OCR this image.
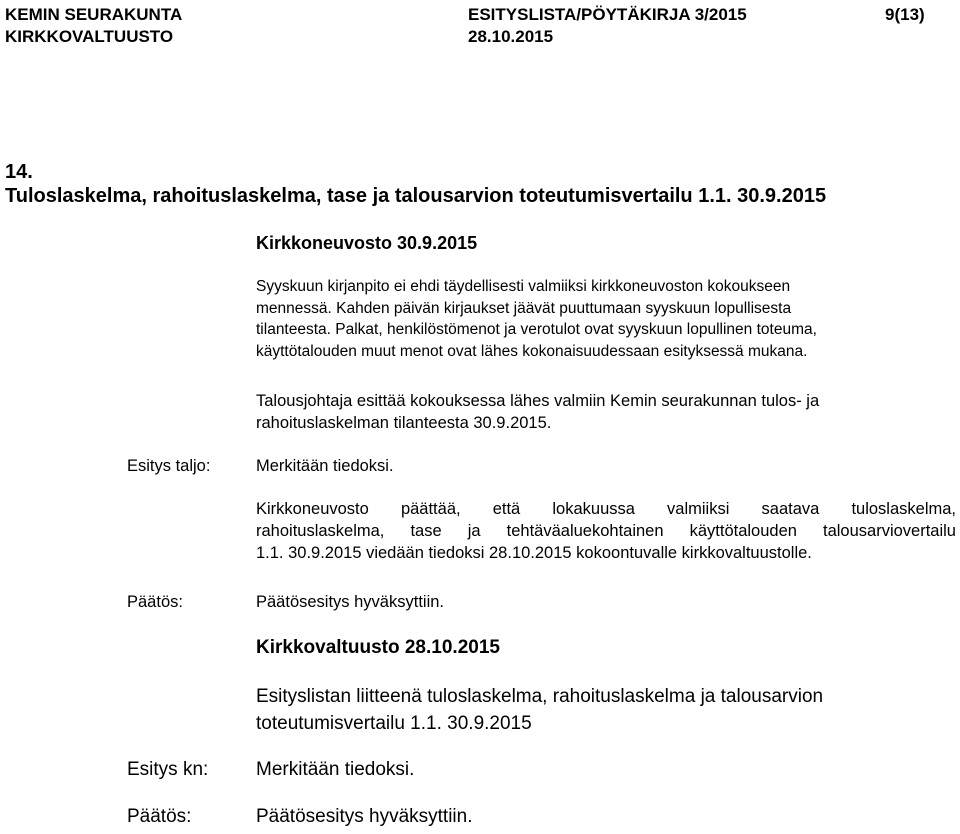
KEMIN SEURAKUNTA
KIRKKOVALTUUSTO
ESITYSLISTA/PÖYTÄKIRJA 3/2015
28.10.2015
9(13)
14.
Tuloslaskelma, rahoituslaskelma, tase ja talousarvion toteutumisvertailu 1.1. 30.9.2015
Kirkkoneuvosto 30.9.2015
Syyskuun kirjanpito ei ehdi täydellisesti valmiiksi kirkkoneuvoston kokoukseen
mennessä. Kahden päivän kirjaukset jäävät puuttumaan syyskuun lopullisesta
tilanteesta. Palkat, henkilöstömenot ja verotulot ovat syyskuun lopullinen toteuma,
käyttötalouden muut menot ovat lähes kokonaisuudessaan esityksessä mukana.
Talousjohtaja esittää kokouksessa lähes valmiin Kemin seurakunnan tulos- ja
rahoituslaskelman tilanteesta 30.9.2015.
Esitys taljo:	Merkitään tiedoksi.
Kirkkoneuvosto päättää, että lokakuussa valmiiksi saatava tuloslaskelma,
rahoituslaskelma, tase ja tehtäväaluekohtainen käyttötalouden talousarviovertailu
1.1. 30.9.2015 viedään tiedoksi 28.10.2015 kokoontuvalle kirkkovaltuustolle.
Päätös:	Päätösesitys hyväksyttiin.
Kirkkovaltuusto 28.10.2015
Esityslistan liitteenä tuloslaskelma, rahoituslaskelma ja talousarvion
toteutumisvertailu 1.1. 30.9.2015
Esitys kn:	Merkitään tiedoksi.
Päätös:	Päätösesitys hyväksyttiin.
